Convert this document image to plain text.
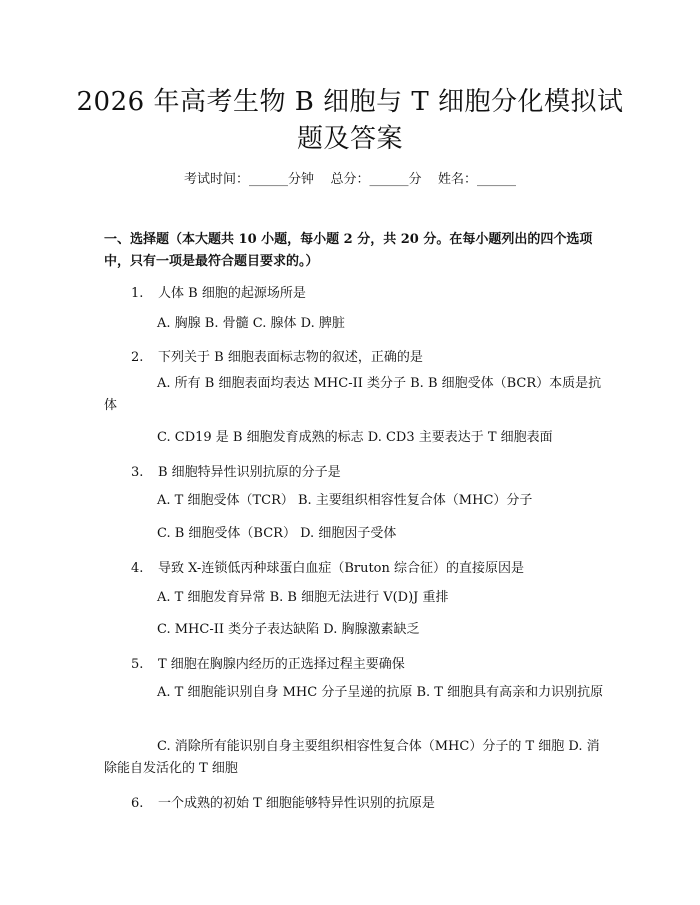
2026 年高考生物 B 细胞与 T 细胞分化模拟试
题及答案
考试时间：______分钟    总分：______分    姓名：______
一、选择题（本大题共 10 小题，每小题 2 分，共 20 分。在每小题列出的四个选项中，只有一项是最符合题目要求的。）
1. 人体 B 细胞的起源场所是
A. 胸腺 B. 骨髓 C. 腺体 D. 脾脏
2. 下列关于 B 细胞表面标志物的叙述，正确的是
A. 所有 B 细胞表面均表达 MHC-II 类分子 B. B 细胞受体（BCR）本质是抗体
C. CD19 是 B 细胞发育成熟的标志 D. CD3 主要表达于 T 细胞表面
3. B 细胞特异性识别抗原的分子是
A. T 细胞受体（TCR） B. 主要组织相容性复合体（MHC）分子
C. B 细胞受体（BCR） D. 细胞因子受体
4. 导致 X-连锁低丙种球蛋白血症（Bruton 综合征）的直接原因是
A. T 细胞发育异常 B. B 细胞无法进行 V(D)J 重排
C. MHC-II 类分子表达缺陷 D. 胸腺激素缺乏
5. T 细胞在胸腺内经历的正选择过程主要确保
A. T 细胞能识别自身 MHC 分子呈递的抗原 B. T 细胞具有高亲和力识别抗原
C. 消除所有能识别自身主要组织相容性复合体（MHC）分子的 T 细胞 D. 消除能自发活化的 T 细胞
6. 一个成熟的初始 T 细胞能够特异性识别的抗原是
